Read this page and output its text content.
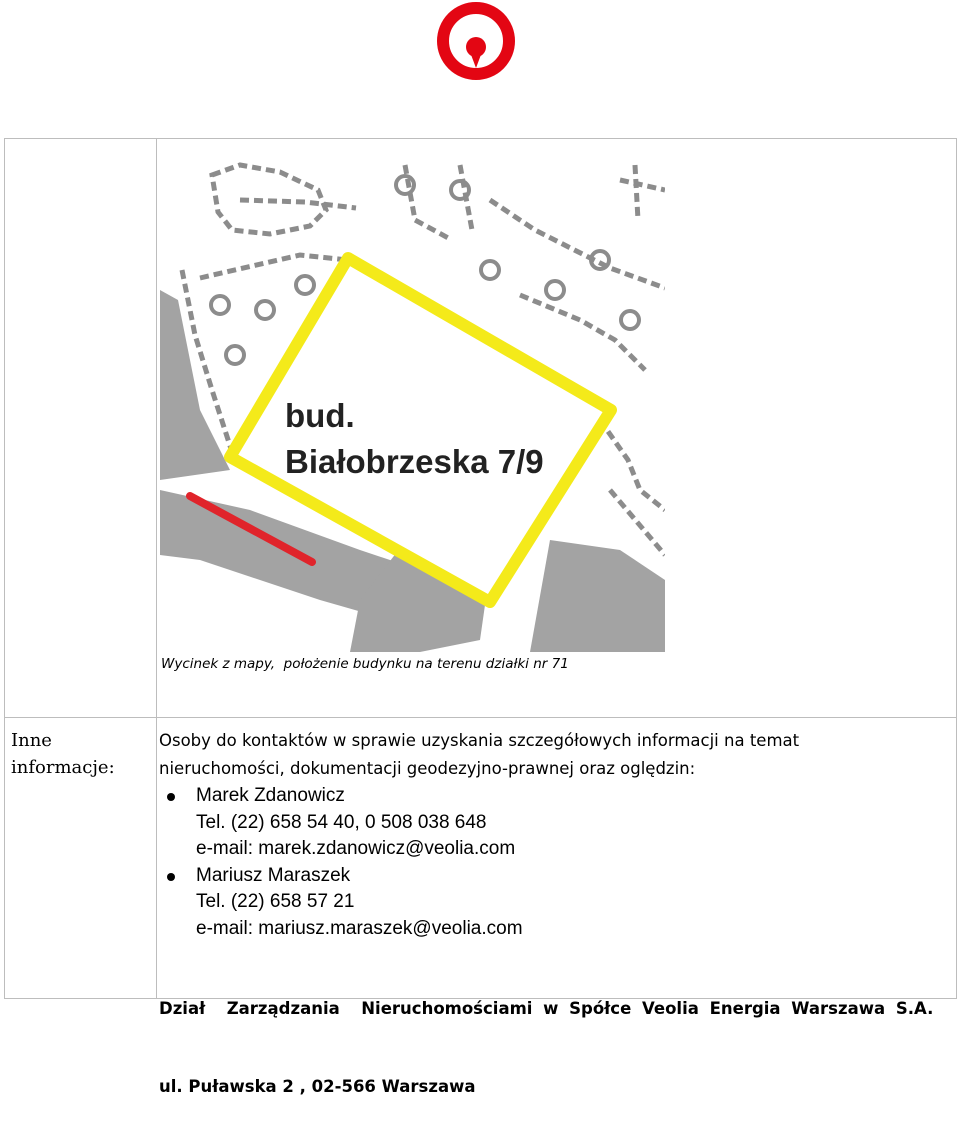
bud.
Białobrzeska 7/9
Wycinek z mapy,  położenie budynku na terenu działki nr 71
Inne
informacje:
Osoby do kontaktów w sprawie uzyskania szczegółowych informacji na temat
nieruchomości, dokumentacji geodezyjno-prawnej oraz oględzin:
Marek Zdanowicz
Tel. (22) 658 54 40, 0 508 038 648
e-mail: marek.zdanowicz@veolia.com
Mariusz Maraszek
Tel. (22) 658 57 21
e-mail: mariusz.maraszek@veolia.com

Dział  Zarządzania  Nieruchomościami w Spółce Veolia Energia Warszawa S.A.

ul. Puławska 2 , 02-566 Warszawa
